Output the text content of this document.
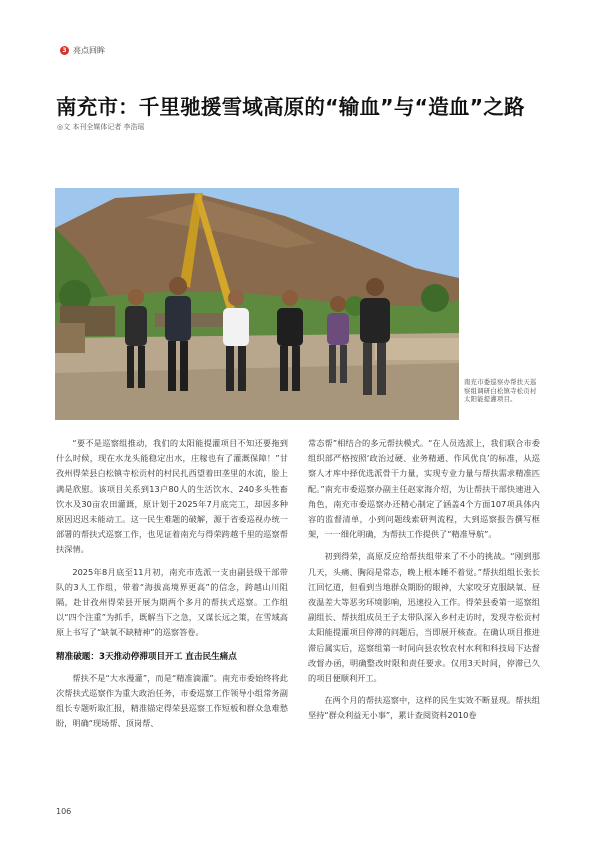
3 亮点回眸
南充市：千里驰援雪域高原的“输血”与“造血”之路
◎文 本刊全媒体记者 李浩瑶
南充市委巡察办帮扶天巡察组调研白松镇寺松贡村太阳能提灌项目。

“要不是巡察组推动，我们的太阳能提灌项目不知还要拖到什么时候，现在水龙头能稳定出水，庄稼也有了灌溉保障！”甘孜州得荣县白松镇寺松贡村的村民扎西望着田垄里的水流，脸上满是欣慰。该项目关系到13户80人的生活饮水、240多头牲畜饮水及30亩农田灌溉，原计划于2025年7月底完工，却因多种原因迟迟未能动工。这一民生难题的破解，源于省委巡视办统一部署的帮扶式巡察工作，也见证着南充与得荣跨越千里的巡察帮扶深情。

2025年8月底至11月初，南充市选派一支由副县级干部带队的3人工作组，带着“海拔高境界更高”的信念，跨越山川阻隔，赴甘孜州得荣县开展为期两个多月的帮扶式巡察。工作组以“四个注重”为抓手，既解当下之急，又谋长远之策，在雪域高原上书写了“缺氧不缺精神”的巡察答卷。

精准破题：3天推动停滞项目开工 直击民生痛点

帮扶不是“大水漫灌”，而是“精准滴灌”。南充市委始终将此次帮扶式巡察作为重大政治任务，市委巡察工作领导小组常务副组长专题听取汇报，精准锚定得荣县巡察工作短板和群众急难愁盼，明确“现场帮、顶岗帮、

常态帮”相结合的多元帮扶模式。“在人员选派上，我们联合市委组织部严格按照‘政治过硬、业务精通、作风优良’的标准，从巡察人才库中择优选派骨干力量，实现专业力量与帮扶需求精准匹配。”南充市委巡察办副主任赵家海介绍，为让帮扶干部快速进入角色，南充市委巡察办还精心制定了涵盖4个方面107项具体内容的监督清单，小到问题线索研判流程，大到巡察报告撰写框架，一一细化明确，为帮扶工作提供了“精准导航”。

初到得荣，高原反应给帮扶组带来了不小的挑战。“刚到那几天，头痛、胸闷是常态，晚上根本睡不着觉。”帮扶组组长张长江回忆道，但看到当地群众期盼的眼神，大家咬牙克服缺氧、昼夜温差大等恶劣环境影响，迅速投入工作。得荣县委第一巡察组副组长、帮扶组成员王子太带队深入乡村走访时，发现寺松贡村太阳能提灌项目停滞的问题后，当即展开核查。在确认项目推进滞后属实后，巡察组第一时间向县农牧农村水利和科技局下达督改督办函，明确整改时限和责任要求。仅用3天时间，停滞已久的项目便顺利开工。

在两个月的帮扶巡察中，这样的民生实效不断显现。帮扶组坚持“群众利益无小事”，累计查阅资料2010卷

106
